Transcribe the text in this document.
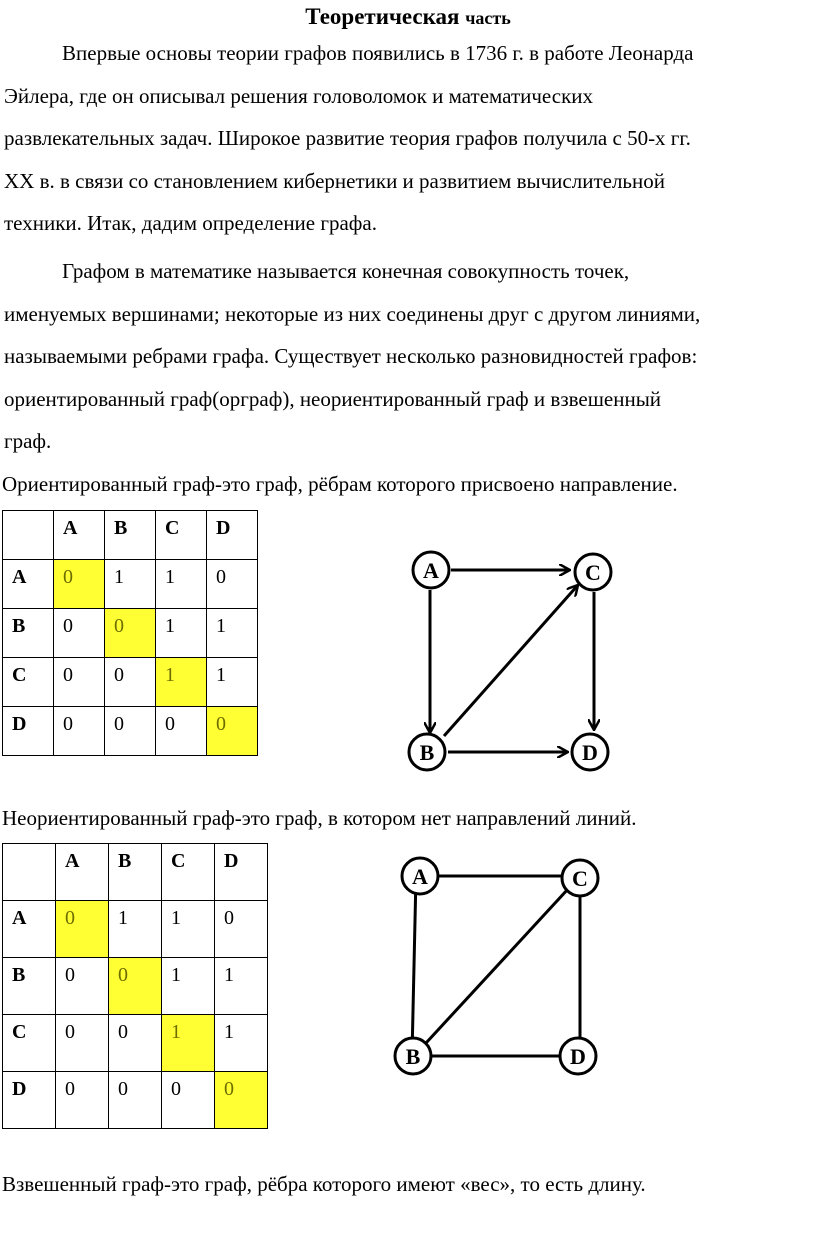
Теоретическая часть

Впервые основы теории графов появились в 1736 г. в работе Леонарда
Эйлера, где он описывал решения головоломок и математических
развлекательных задач. Широкое развитие теория графов получила с 50-х гг.
XX в. в связи со становлением кибернетики и развитием вычислительной
техники. Итак, дадим определение графа.

Графом в математике называется конечная совокупность точек,
именуемых вершинами; некоторые из них соединены друг с другом линиями,
называемыми ребрами графа. Существует несколько разновидностей графов:
ориентированный граф(орграф), неориентированный граф и взвешенный
граф.

Ориентированный граф-это граф, рёбрам которого присвоено направление.

	A	B	C	D

A	0	1	1	0

B	0	0	1	1

C	0	0	1	1

D	0	0	0	0
A	C
B	D
A	C
B	D

Неориентированный граф-это граф, в котором нет направлений линий.

	A	B	C	D

A	0	1	1	0

B	0	0	1	1

C	0	0	1	1

D	0	0	0	0

Взвешенный граф-это граф, рёбра которого имеют «вес», то есть длину.
